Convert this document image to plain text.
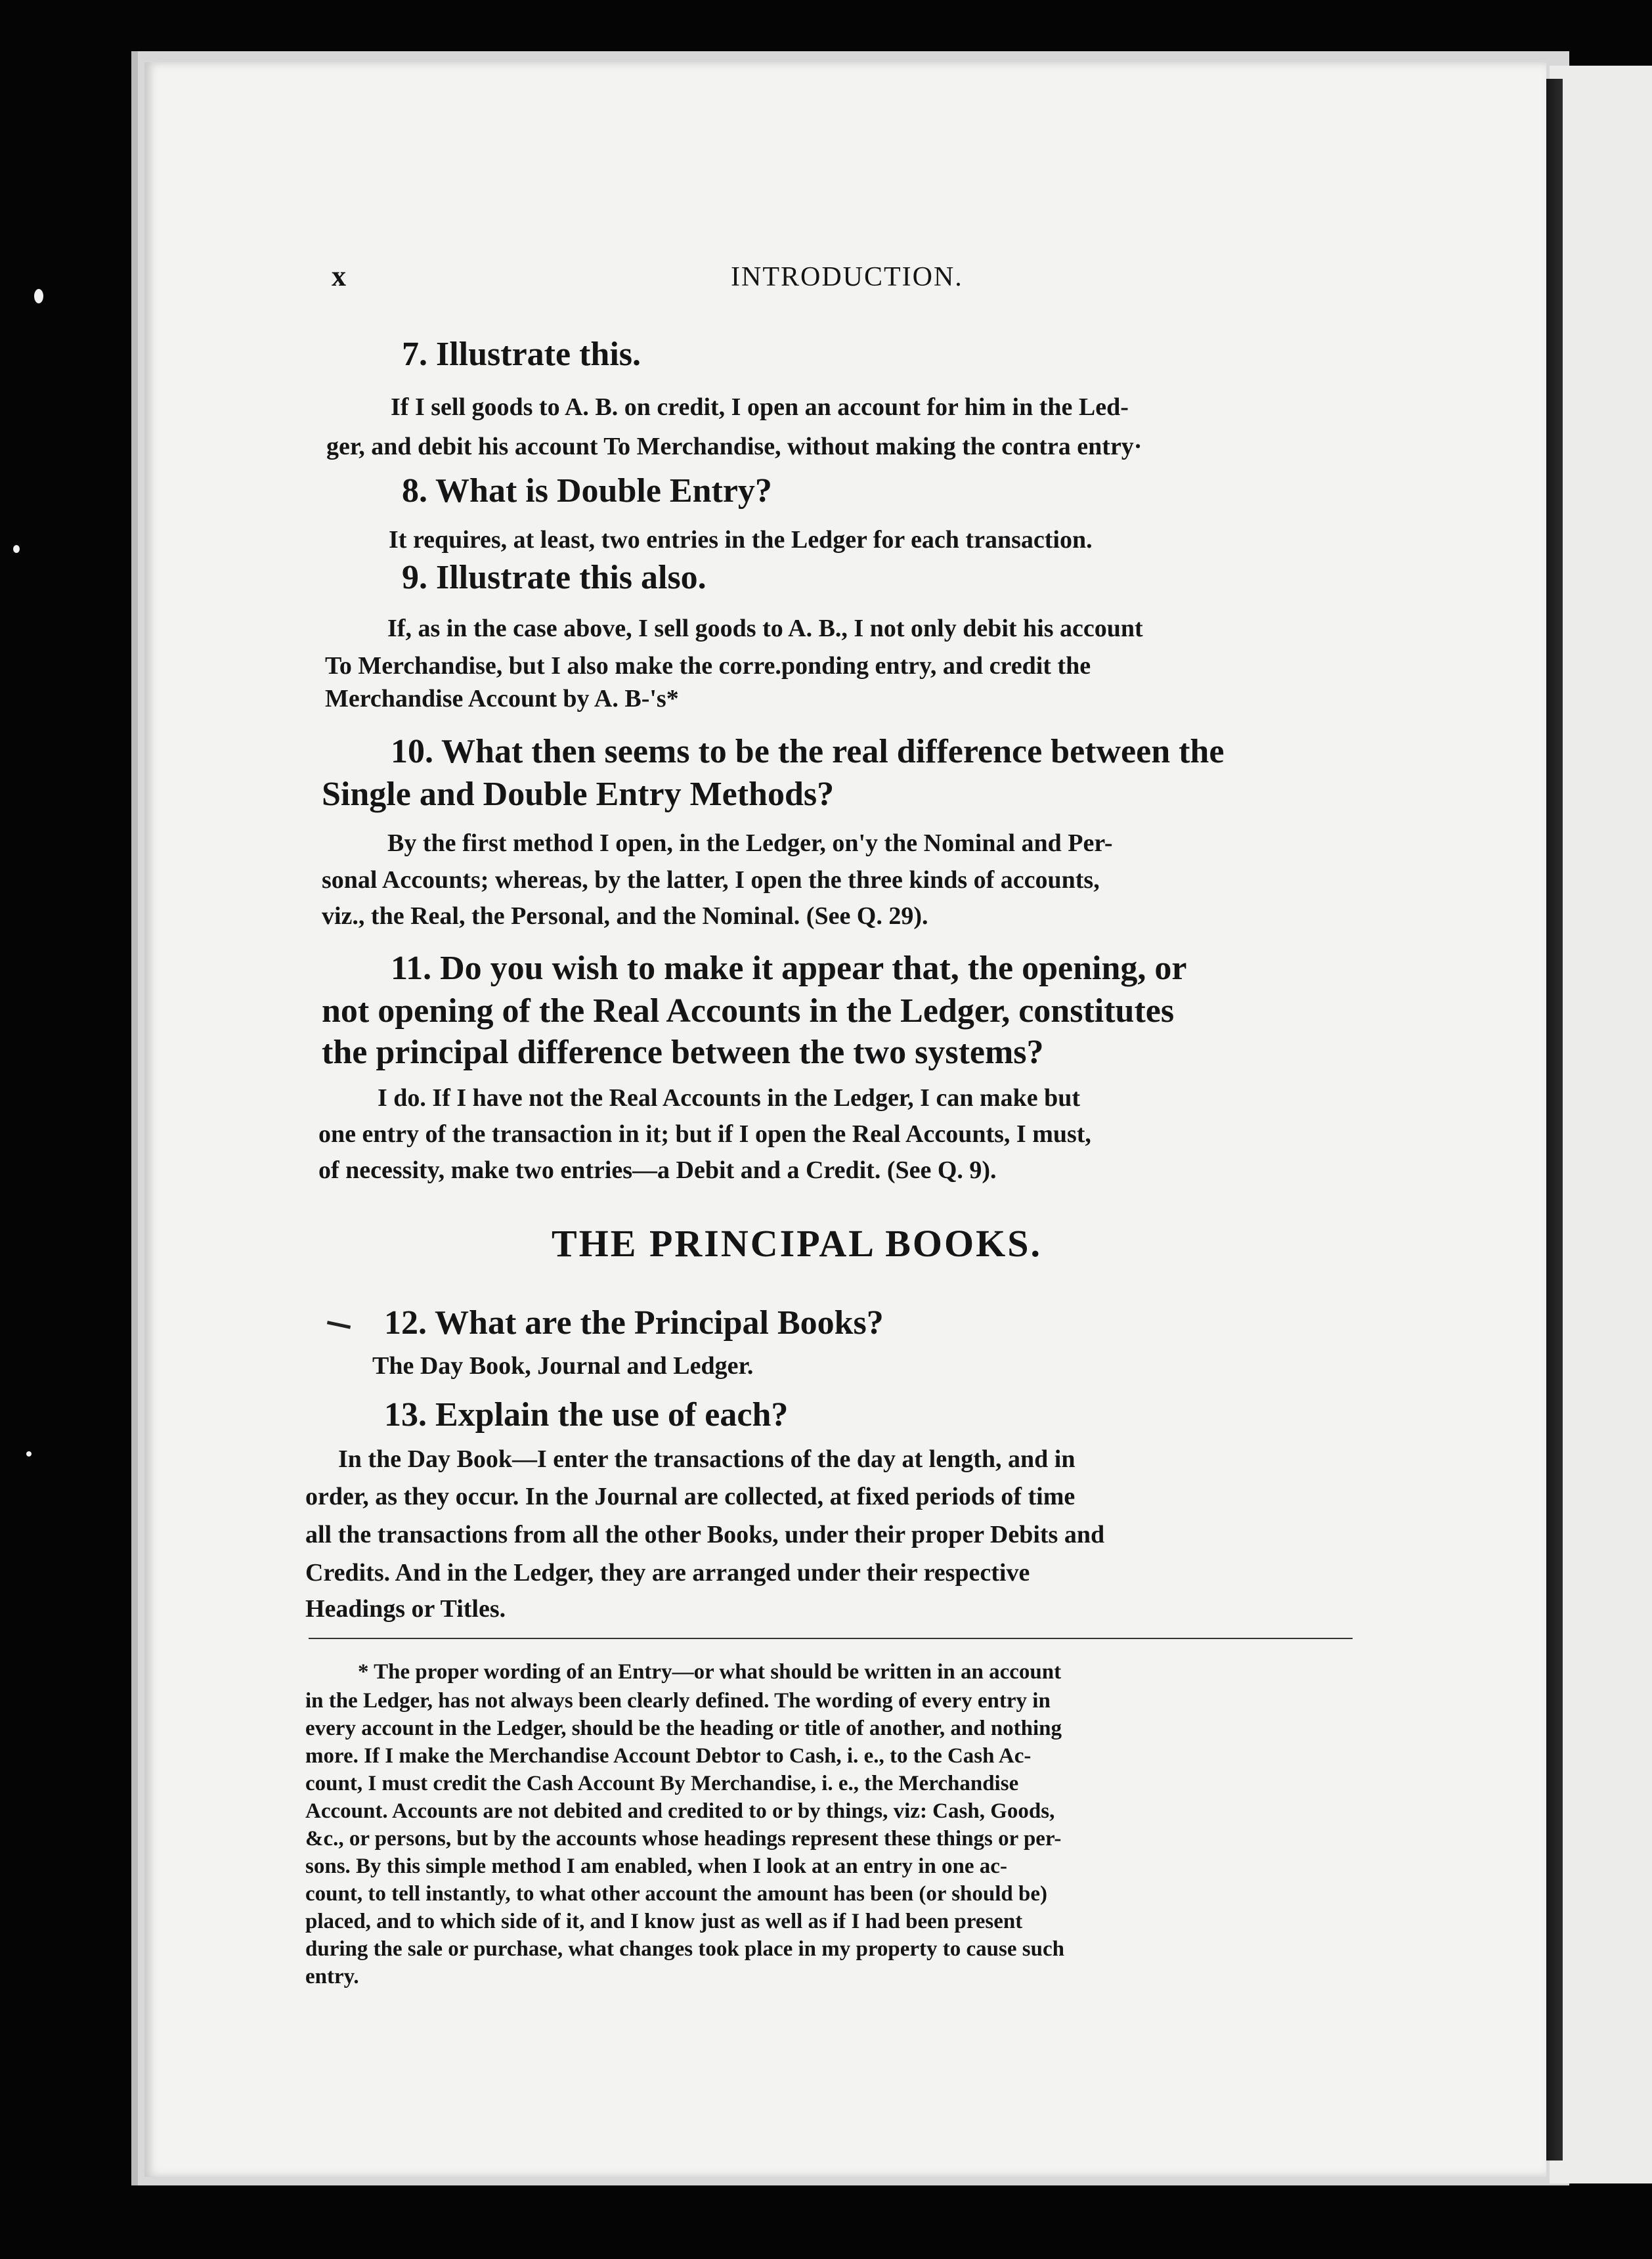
x	INTRODUCTION.
7. Illustrate this.
If I sell goods to A. B. on credit, I open an account for him in the Led-
ger, and debit his account To Merchandise, without making the contra entry·
8. What is Double Entry?
It requires, at least, two entries in the Ledger for each transaction.
9. Illustrate this also.
If, as in the case above, I sell goods to A. B., I not only debit his account
To Merchandise, but I also make the corre.ponding entry, and credit the
Merchandise Account by A. B-'s*
10. What then seems to be the real difference between the
Single and Double Entry Methods?
By the first method I open, in the Ledger, on'y the Nominal and Per-
sonal Accounts; whereas, by the latter, I open the three kinds of accounts,
viz., the Real, the Personal, and the Nominal. (See Q. 29).
11. Do you wish to make it appear that, the opening, or
not opening of the Real Accounts in the Ledger, constitutes
the principal difference between the two systems?
I do. If I have not the Real Accounts in the Ledger, I can make but
one entry of the transaction in it; but if I open the Real Accounts, I must,
of necessity, make two entries—a Debit and a Credit. (See Q. 9).
THE PRINCIPAL BOOKS.
12. What are the Principal Books?
The Day Book, Journal and Ledger.
13. Explain the use of each?
In the Day Book—I enter the transactions of the day at length, and in
order, as they occur. In the Journal are collected, at fixed periods of time
all the transactions from all the other Books, under their proper Debits and
Credits. And in the Ledger, they are arranged under their respective
Headings or Titles.
* The proper wording of an Entry—or what should be written in an account
in the Ledger, has not always been clearly defined. The wording of every entry in
every account in the Ledger, should be the heading or title of another, and nothing
more. If I make the Merchandise Account Debtor to Cash, i. e., to the Cash Ac-
count, I must credit the Cash Account By Merchandise, i. e., the Merchandise
Account. Accounts are not debited and credited to or by things, viz: Cash, Goods,
&c., or persons, but by the accounts whose headings represent these things or per-
sons. By this simple method I am enabled, when I look at an entry in one ac-
count, to tell instantly, to what other account the amount has been (or should be)
placed, and to which side of it, and I know just as well as if I had been present
during the sale or purchase, what changes took place in my property to cause such
entry.
